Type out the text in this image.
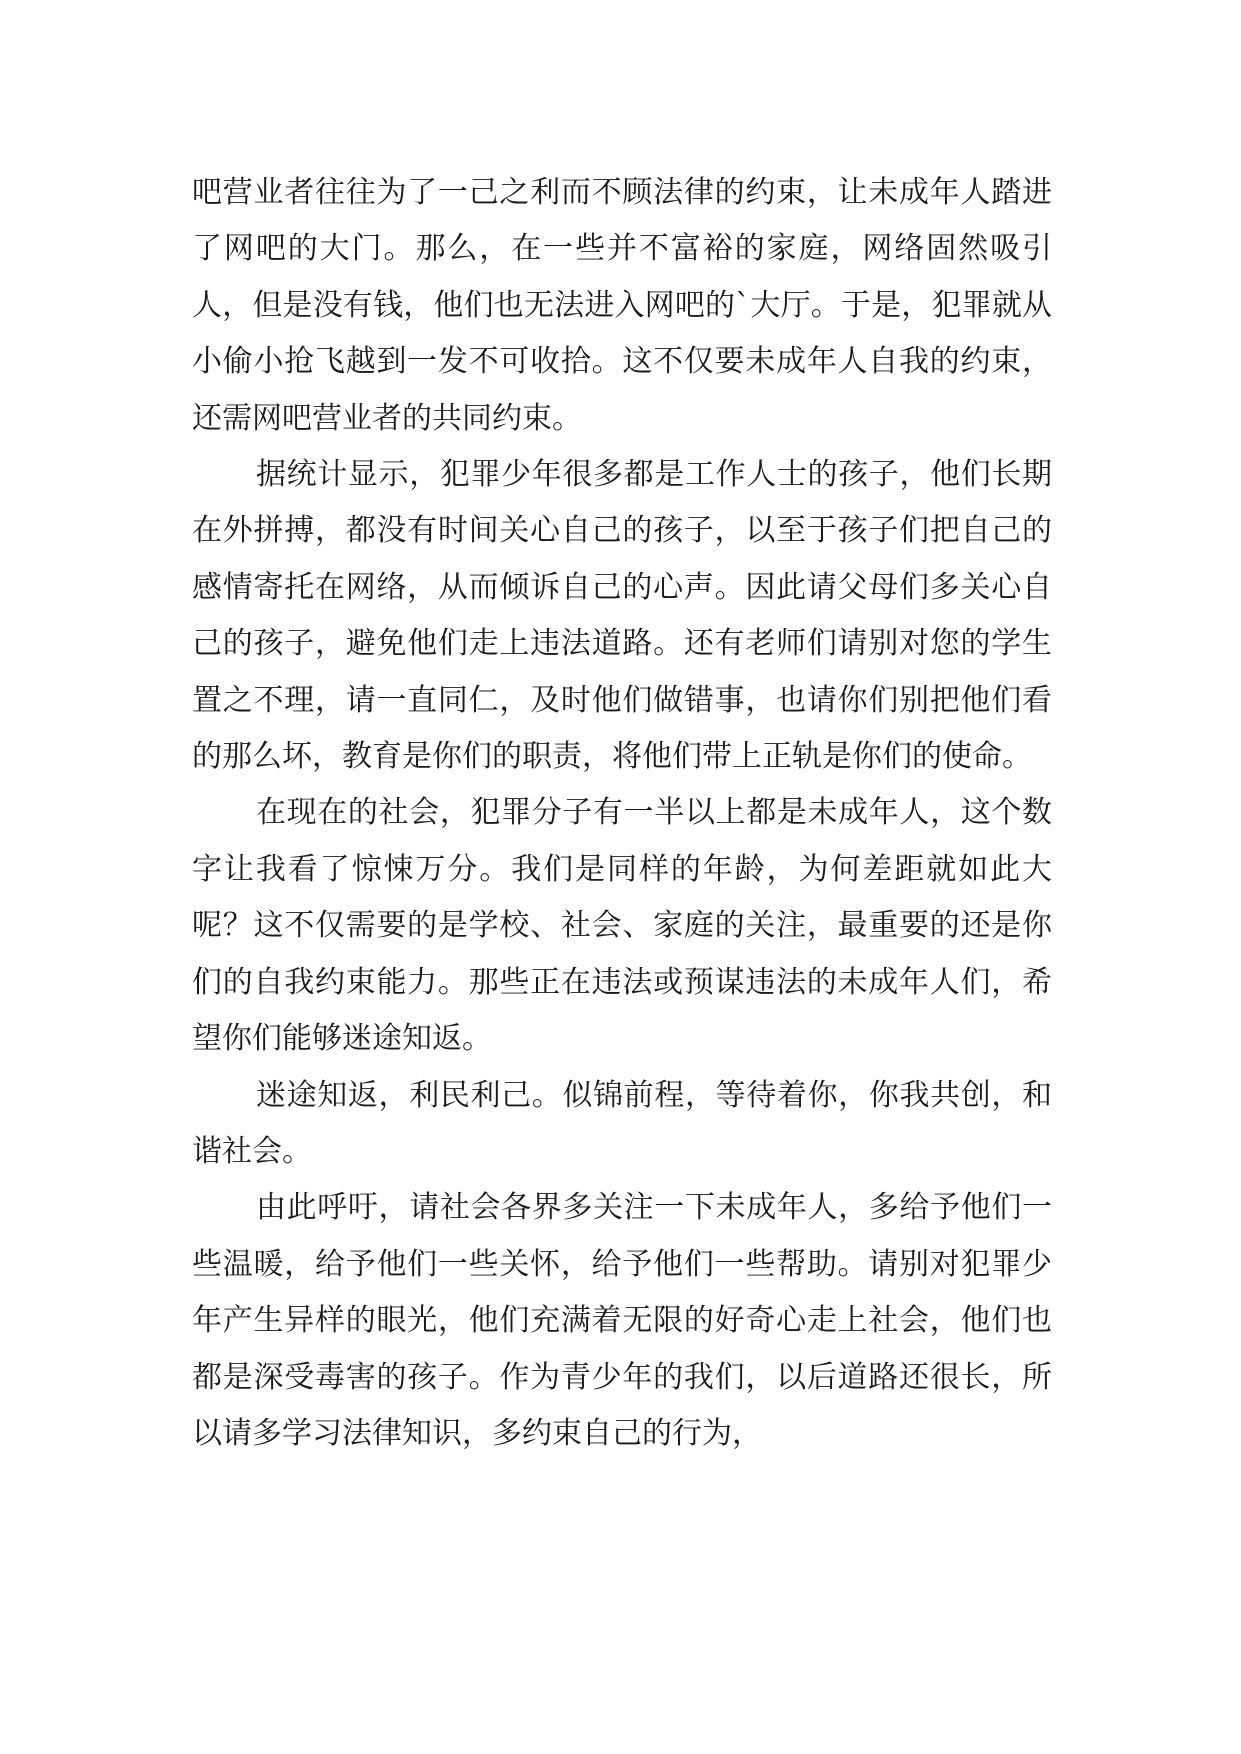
吧营业者往往为了一己之利而不顾法律的约束，让未成年人踏进了网吧的大门。那么，在一些并不富裕的家庭，网络固然吸引人，但是没有钱，他们也无法进入网吧的`大厅。于是，犯罪就从小偷小抢飞越到一发不可收拾。这不仅要未成年人自我的约束，还需网吧营业者的共同约束。

据统计显示，犯罪少年很多都是工作人士的孩子，他们长期在外拼搏，都没有时间关心自己的孩子，以至于孩子们把自己的感情寄托在网络，从而倾诉自己的心声。因此请父母们多关心自己的孩子，避免他们走上违法道路。还有老师们请别对您的学生置之不理，请一直同仁，及时他们做错事，也请你们别把他们看的那么坏，教育是你们的职责，将他们带上正轨是你们的使命。

在现在的社会，犯罪分子有一半以上都是未成年人，这个数字让我看了惊悚万分。我们是同样的年龄，为何差距就如此大呢？这不仅需要的是学校、社会、家庭的关注，最重要的还是你们的自我约束能力。那些正在违法或预谋违法的未成年人们，希望你们能够迷途知返。

迷途知返，利民利己。似锦前程，等待着你，你我共创，和谐社会。

由此呼吁，请社会各界多关注一下未成年人，多给予他们一些温暖，给予他们一些关怀，给予他们一些帮助。请别对犯罪少年产生异样的眼光，他们充满着无限的好奇心走上社会，他们也都是深受毒害的孩子。作为青少年的我们，以后道路还很长，所以请多学习法律知识，多约束自己的行为，
